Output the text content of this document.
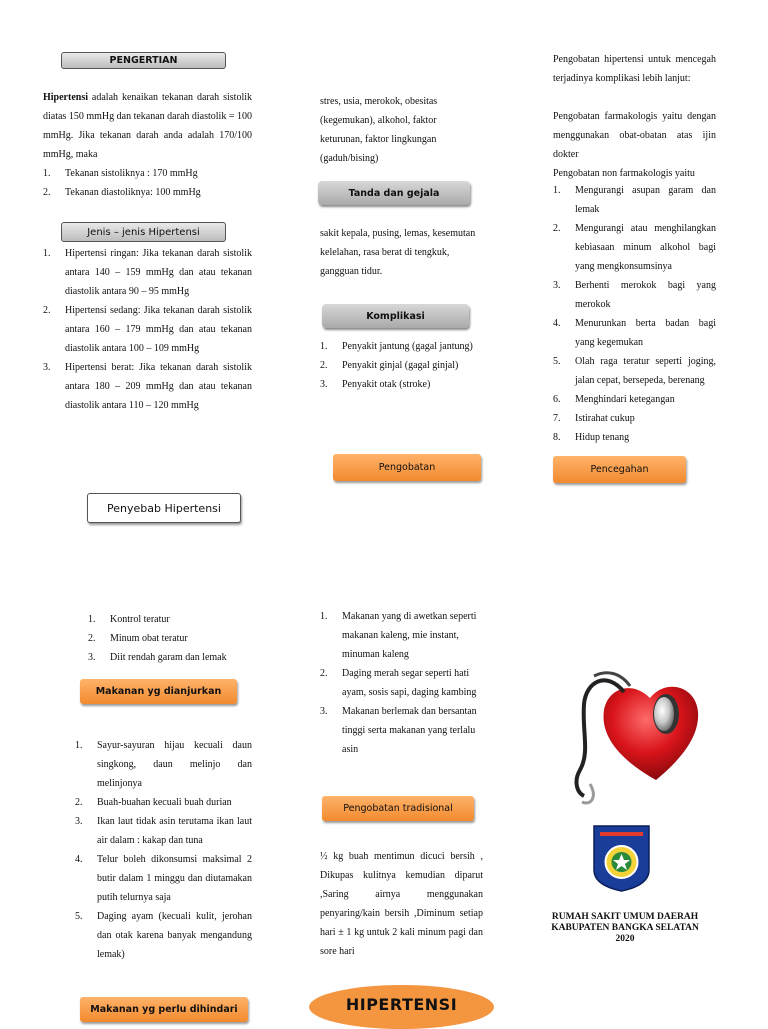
PENGERTIAN
Hipertensi adalah kenaikan tekanan darah sistolik diatas 150 mmHg dan tekanan darah diastolik = 100 mmHg. Jika tekanan darah anda adalah 170/100 mmHg, maka
1. Tekanan sistoliknya : 170 mmHg
2. Tekanan diastoliknya: 100 mmHg
Jenis – jenis Hipertensi
1. Hipertensi ringan: Jika tekanan darah sistolik antara 140 – 159 mmHg dan atau tekanan diastolik antara 90 – 95 mmHg
2. Hipertensi sedang: Jika tekanan darah sistolik antara 160 – 179 mmHg dan atau tekanan diastolik antara 100 – 109 mmHg
3. Hipertensi berat: Jika tekanan darah sistolik antara 180 – 209 mmHg dan atau tekanan diastolik antara 110 – 120 mmHg
Penyebab Hipertensi
stres, usia, merokok, obesitas (kegemukan), alkohol, faktor keturunan, faktor lingkungan (gaduh/bising)
Tanda dan gejala
sakit kepala, pusing, lemas, kesemutan kelelahan, rasa berat di tengkuk, gangguan tidur.
Komplikasi
1. Penyakit jantung (gagal jantung)
2. Penyakit ginjal (gagal ginjal)
3. Penyakit otak (stroke)
Pengobatan
Pengobatan hipertensi untuk mencegah terjadinya komplikasi lebih lanjut:
Pengobatan farmakologis yaitu dengan menggunakan obat-obatan atas ijin dokter
Pengobatan non farmakologis yaitu
1. Mengurangi asupan garam dan lemak
2. Mengurangi atau menghilangkan kebiasaan minum alkohol bagi yang mengkonsumsinya
3. Berhenti merokok bagi yang merokok
4. Menurunkan berta badan bagi yang kegemukan
5. Olah raga teratur seperti joging, jalan cepat, bersepeda, berenang
6. Menghindari ketegangan
7. Istirahat cukup
8. Hidup tenang
Pencegahan
1. Kontrol teratur
2. Minum obat teratur
3. Diit rendah garam dan lemak
Makanan yg dianjurkan
1. Sayur-sayuran hijau kecuali daun singkong, daun melinjo dan melinjonya
2. Buah-buahan kecuali buah durian
3. Ikan laut tidak asin terutama ikan laut air dalam : kakap dan tuna
4. Telur boleh dikonsumsi maksimal 2 butir dalam 1 minggu dan diutamakan putih telurnya saja
5. Daging ayam (kecuali kulit, jerohan dan otak karena banyak mengandung lemak)
Makanan yg perlu dihindari
1. Makanan yang di awetkan seperti makanan kaleng, mie instant, minuman kaleng
2. Daging merah segar seperti hati ayam, sosis sapi, daging kambing
3. Makanan berlemak dan bersantan tinggi serta makanan yang terlalu asin
Pengobatan tradisional
½ kg buah mentimun dicuci bersih , Dikupas kulitnya kemudian diparut ,Saring airnya menggunakan penyaring/kain bersih ,Diminum setiap hari ± 1 kg untuk 2 kali minum pagi dan sore hari
HIPERTENSI
RUMAH SAKIT UMUM DAERAH
KABUPATEN BANGKA SELATAN
2020
